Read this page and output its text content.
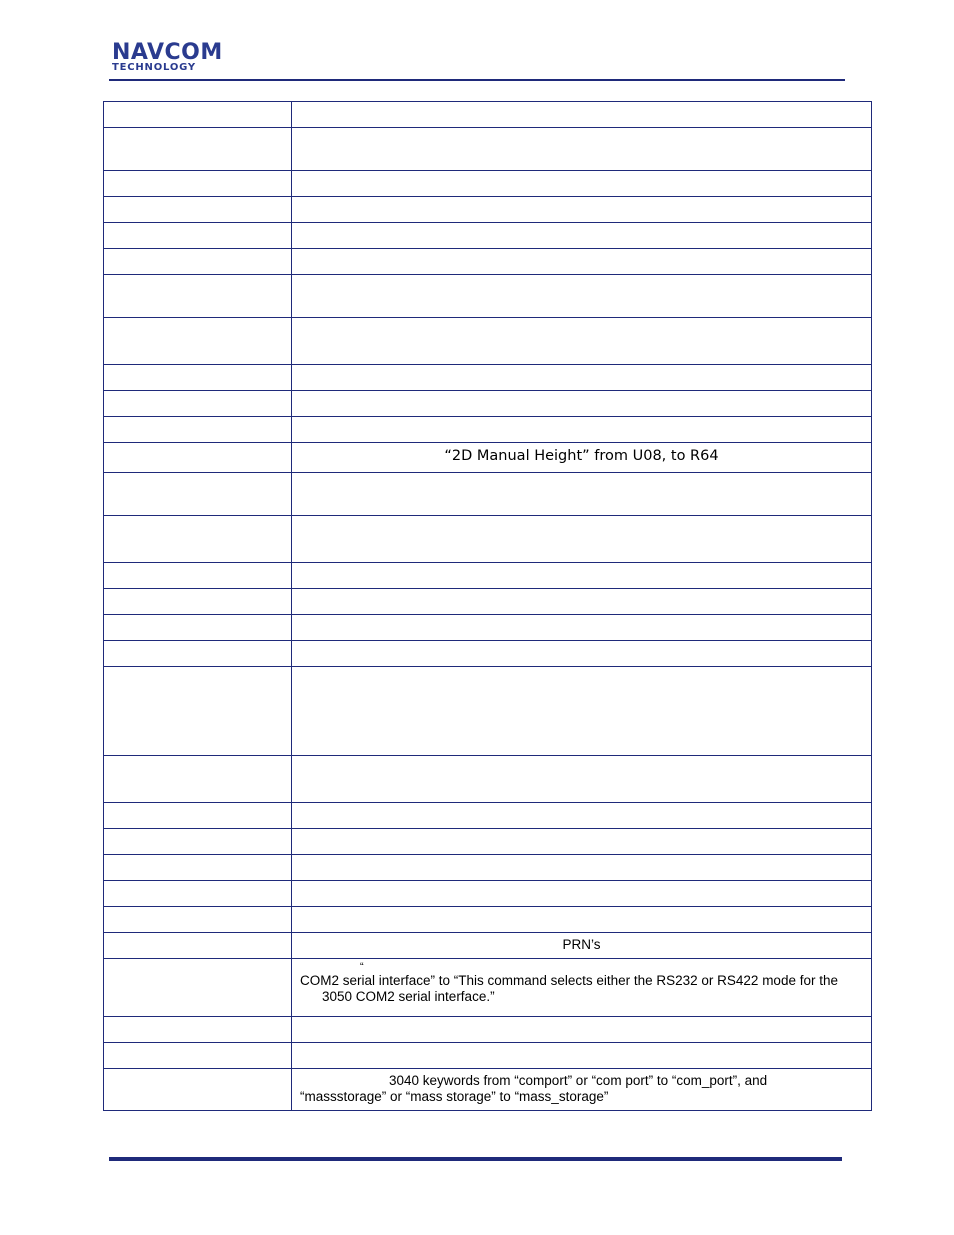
NAVCOM
TECHNOLOGY

	“2D Manual Height” from U08, to R64

	PRN’s

	“
COM2 serial interface” to “This command selects either the RS232 or RS422 mode for the
3050 COM2 serial interface.”

	3040 keywords from “comport” or “com port” to “com_port”, and
“massstorage” or “mass storage” to “mass_storage”
